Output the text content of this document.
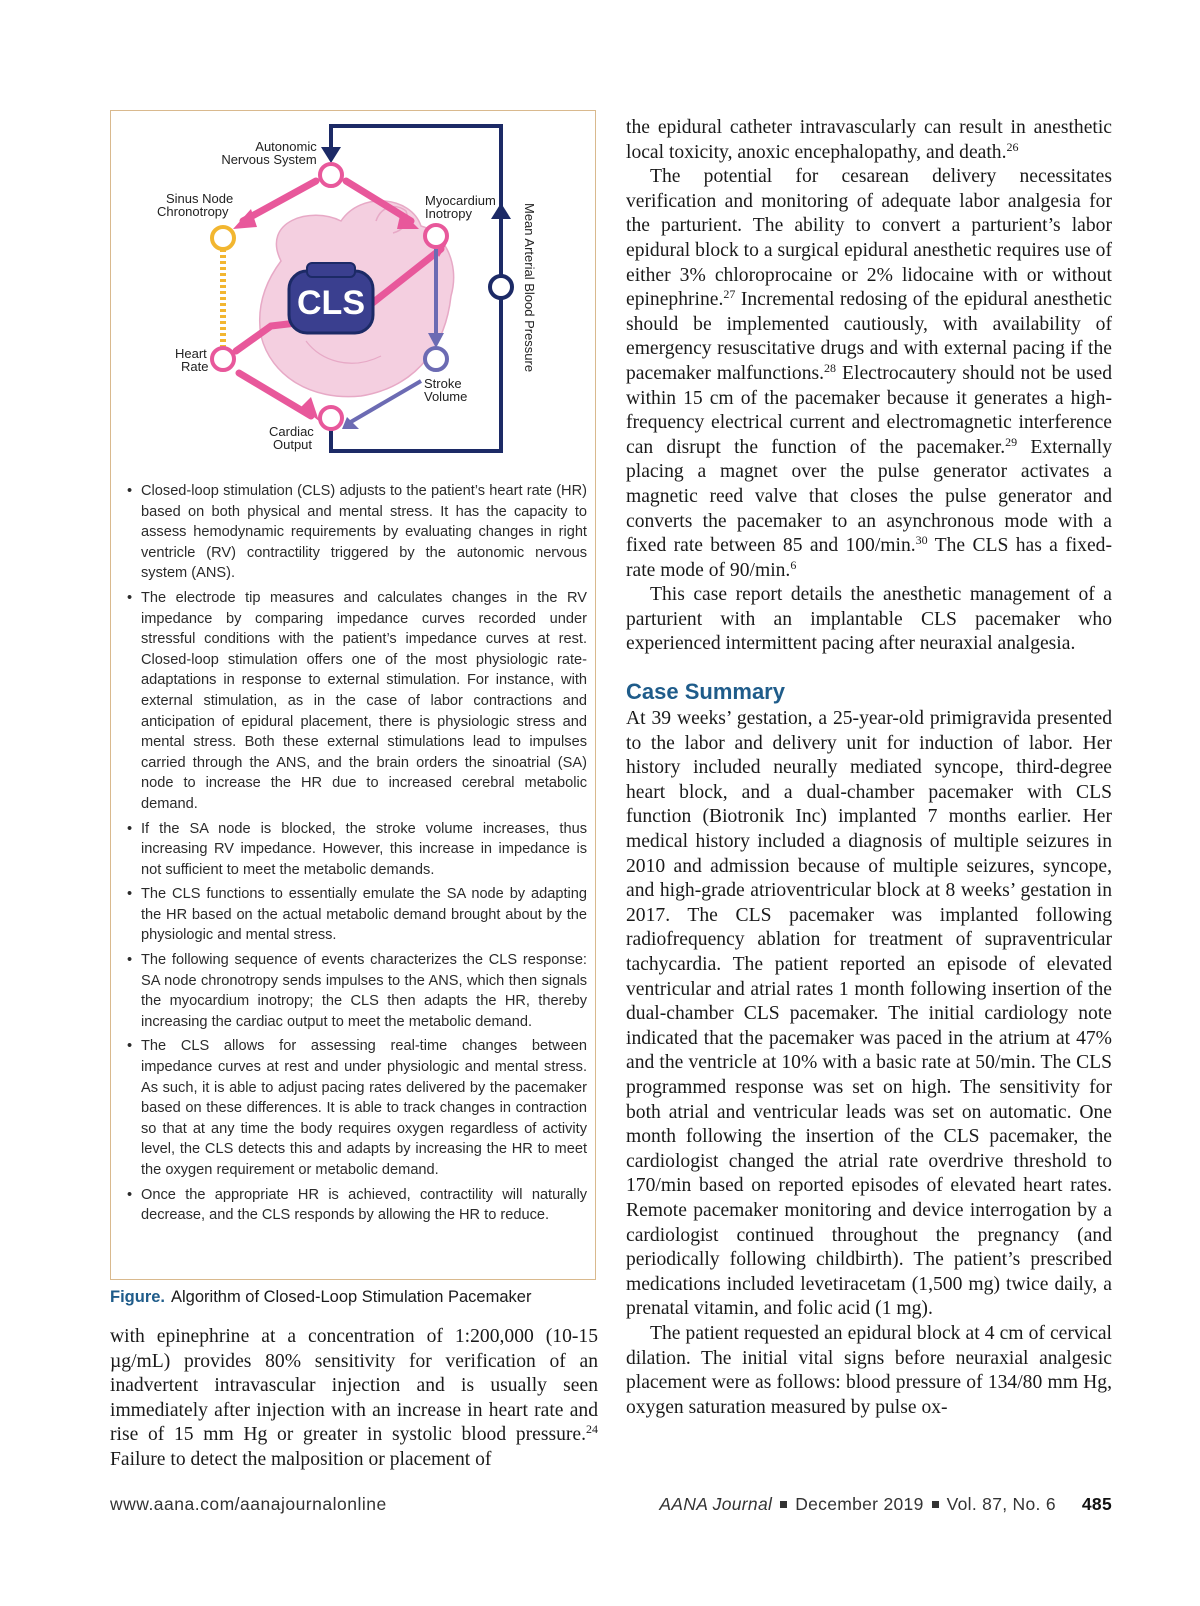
CLS
Autonomic Nervous System
Sinus Node Chronotropy
Myocardium Inotropy
Heart Rate
Stroke Volume
Cardiac Output
Mean Arterial Blood Pressure
• Closed-loop stimulation (CLS) adjusts to the patient’s heart rate (HR) based on both physical and mental stress. It has the capacity to assess hemodynamic requirements by evaluating changes in right ventricle (RV) contractility triggered by the autonomic nervous system (ANS).
• The electrode tip measures and calculates changes in the RV impedance by comparing impedance curves recorded under stressful conditions with the patient’s impedance curves at rest. Closed-loop stimulation offers one of the most physiologic rate-adaptations in response to external stimulation. For instance, with external stimulation, as in the case of labor contractions and anticipation of epidural placement, there is physiologic stress and mental stress. Both these external stimulations lead to impulses carried through the ANS, and the brain orders the sinoatrial (SA) node to increase the HR due to increased cerebral metabolic demand.
• If the SA node is blocked, the stroke volume increases, thus increasing RV impedance. However, this increase in impedance is not sufficient to meet the metabolic demands.
• The CLS functions to essentially emulate the SA node by adapting the HR based on the actual metabolic demand brought about by the physiologic and mental stress.
• The following sequence of events characterizes the CLS response: SA node chronotropy sends impulses to the ANS, which then signals the myocardium inotropy; the CLS then adapts the HR, thereby increasing the cardiac output to meet the metabolic demand.
• The CLS allows for assessing real-time changes between impedance curves at rest and under physiologic and mental stress. As such, it is able to adjust pacing rates delivered by the pacemaker based on these differences. It is able to track changes in contraction so that at any time the body requires oxygen regardless of activity level, the CLS detects this and adapts by increasing the HR to meet the oxygen requirement or metabolic demand.
• Once the appropriate HR is achieved, contractility will naturally decrease, and the CLS responds by allowing the HR to reduce.
Figure. Algorithm of Closed-Loop Stimulation Pacemaker

with epinephrine at a concentration of 1:200,000 (10-15 µg/mL) provides 80% sensitivity for verification of an inadvertent intravascular injection and is usually seen immediately after injection with an increase in heart rate and rise of 15 mm Hg or greater in systolic blood pressure.$^{24}$ Failure to detect the malposition or placement of

the epidural catheter intravascularly can result in anesthetic local toxicity, anoxic encephalopathy, and death.$^{26}$

The potential for cesarean delivery necessitates verification and monitoring of adequate labor analgesia for the parturient. The ability to convert a parturient’s labor epidural block to a surgical epidural anesthetic requires use of either 3% chloroprocaine or 2% lidocaine with or without epinephrine.$^{27}$ Incremental redosing of the epidural anesthetic should be implemented cautiously, with availability of emergency resuscitative drugs and with external pacing if the pacemaker malfunctions.$^{28}$ Electrocautery should not be used within 15 cm of the pacemaker because it generates a high-frequency electrical current and electromagnetic interference can disrupt the function of the pacemaker.$^{29}$ Externally placing a magnet over the pulse generator activates a magnetic reed valve that closes the pulse generator and converts the pacemaker to an asynchronous mode with a fixed rate between 85 and 100/min.$^{30}$ The CLS has a fixed-rate mode of 90/min.$^6$

This case report details the anesthetic management of a parturient with an implantable CLS pacemaker who experienced intermittent pacing after neuraxial analgesia.

Case Summary

At 39 weeks’ gestation, a 25-year-old primigravida presented to the labor and delivery unit for induction of labor. Her history included neurally mediated syncope, third-degree heart block, and a dual-chamber pacemaker with CLS function (Biotronik Inc) implanted 7 months earlier. Her medical history included a diagnosis of multiple seizures in 2010 and admission because of multiple seizures, syncope, and high-grade atrioventricular block at 8 weeks’ gestation in 2017. The CLS pacemaker was implanted following radiofrequency ablation for treatment of supraventricular tachycardia. The patient reported an episode of elevated ventricular and atrial rates 1 month following insertion of the dual-chamber CLS pacemaker. The initial cardiology note indicated that the pacemaker was paced in the atrium at 47% and the ventricle at 10% with a basic rate at 50/min. The CLS programmed response was set on high. The sensitivity for both atrial and ventricular leads was set on automatic. One month following the insertion of the CLS pacemaker, the cardiologist changed the atrial rate overdrive threshold to 170/min based on reported episodes of elevated heart rates. Remote pacemaker monitoring and device interrogation by a cardiologist continued throughout the pregnancy (and periodically following childbirth). The patient’s prescribed medications included levetiracetam (1,500 mg) twice daily, a prenatal vitamin, and folic acid (1 mg).

The patient requested an epidural block at 4 cm of cervical dilation. The initial vital signs before neuraxial analgesic placement were as follows: blood pressure of 134/80 mm Hg, oxygen saturation measured by pulse ox-

www.aana.com/aanajournalonline	AANA Journal December 2019 Vol. 87, No. 6 485
